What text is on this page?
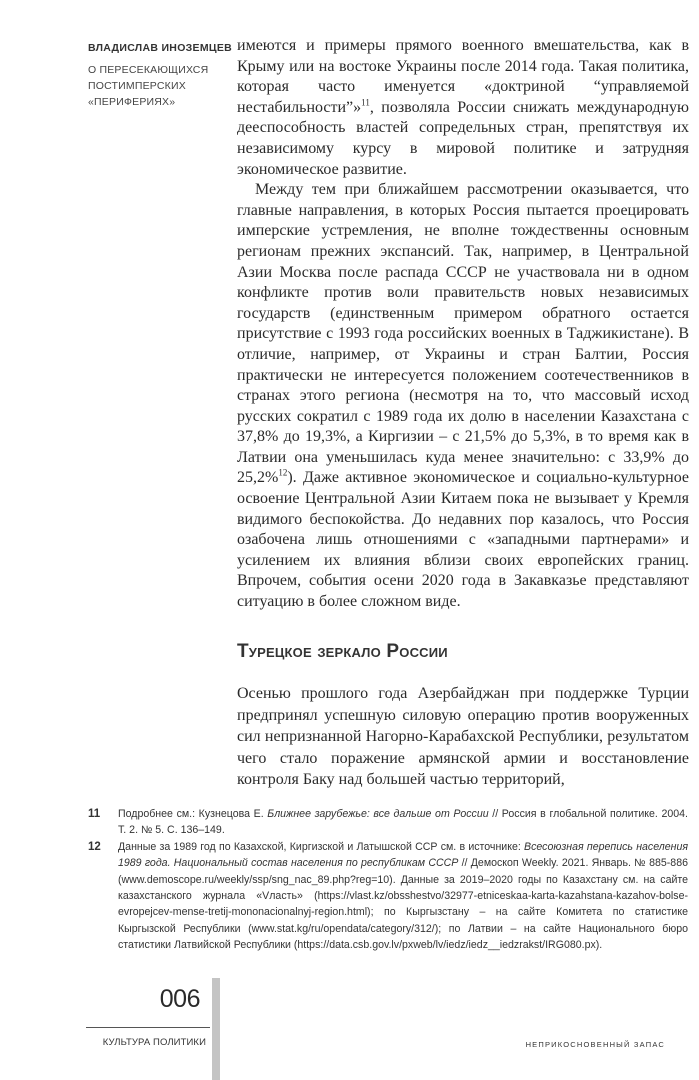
ВЛАДИСЛАВ ИНОЗЕМЦЕВ
О ПЕРЕСЕКАЮЩИХСЯ
ПОСТИМПЕРСКИХ
«ПЕРИФЕРИЯХ»

имеются и примеры прямого военного вмешательства, как в Крыму или на востоке Украины после 2014 года. Такая политика, которая часто именуется «доктриной “управляемой нестабильности”»$^{11}$, позволяла России снижать международную дееспособность властей сопредельных стран, препятствуя их независимому курсу в мировой политике и затрудняя экономическое развитие.

Между тем при ближайшем рассмотрении оказывается, что главные направления, в которых Россия пытается проецировать имперские устремления, не вполне тождественны основным регионам прежних экспансий. Так, например, в Центральной Азии Москва после распада СССР не участвовала ни в одном конфликте против воли правительств новых независимых государств (единственным примером обратного остается присутствие с 1993 года российских военных в Таджикистане). В отличие, например, от Украины и стран Балтии, Россия практически не интересуется положением соотечественников в странах этого региона (несмотря на то, что массовый исход русских сократил с 1989 года их долю в населении Казахстана с 37,8% до 19,3%, а Киргизии – с 21,5% до 5,3%, в то время как в Латвии она уменьшилась куда менее значительно: с 33,9% до 25,2%$^{12}$). Даже активное экономическое и социально-культурное освоение Центральной Азии Китаем пока не вызывает у Кремля видимого беспокойства. До недавних пор казалось, что Россия озабочена лишь отношениями с «западными партнерами» и усилением их влияния вблизи своих европейских границ. Впрочем, события осени 2020 года в Закавказье представляют ситуацию в более сложном виде.

Турецкое зеркало России
Осенью прошлого года Азербайджан при поддержке Турции предпринял успешную силовую операцию против вооруженных сил непризнанной Нагорно-Карабахской Республики, результатом чего стало поражение армянской армии и восстановление контроля Баку над большей частью территорий,
11	Подробнее см.: Кузнецова Е. Ближнее зарубежье: все дальше от России // Россия в глобальной политике. 2004. Т. 2. № 5. С. 136–149.
12	Данные за 1989 год по Казахской, Киргизской и Латышской ССР см. в источнике: Всесоюзная перепись населения 1989 года. Национальный состав населения по республикам СССР // Демоскоп Weekly. 2021. Январь. № 885-886 (www.demoscope.ru/weekly/ssp/sng_nac_89.php?reg=10). Данные за 2019–2020 годы по Казахстану см. на сайте казахстанского журнала «Vласть» (https://vlast.kz/obsshestvo/32977-etniceskaa-karta-kazahstana-kazahov-bolse-evropejcev-mense-tretij-mononacionalnyj-region.html); по Кыргызстану – на сайте Комитета по статистике Кыргызской Республики (www.stat.kg/ru/opendata/category/312/); по Латвии – на сайте Национального бюро статистики Латвийской Республики (https://data.csb.gov.lv/pxweb/lv/iedz/iedz__iedzrakst/IRG080.px).
006
КУЛЬТУРА ПОЛИТИКИ	НЕПРИКОСНОВЕННЫЙ ЗАПАС
